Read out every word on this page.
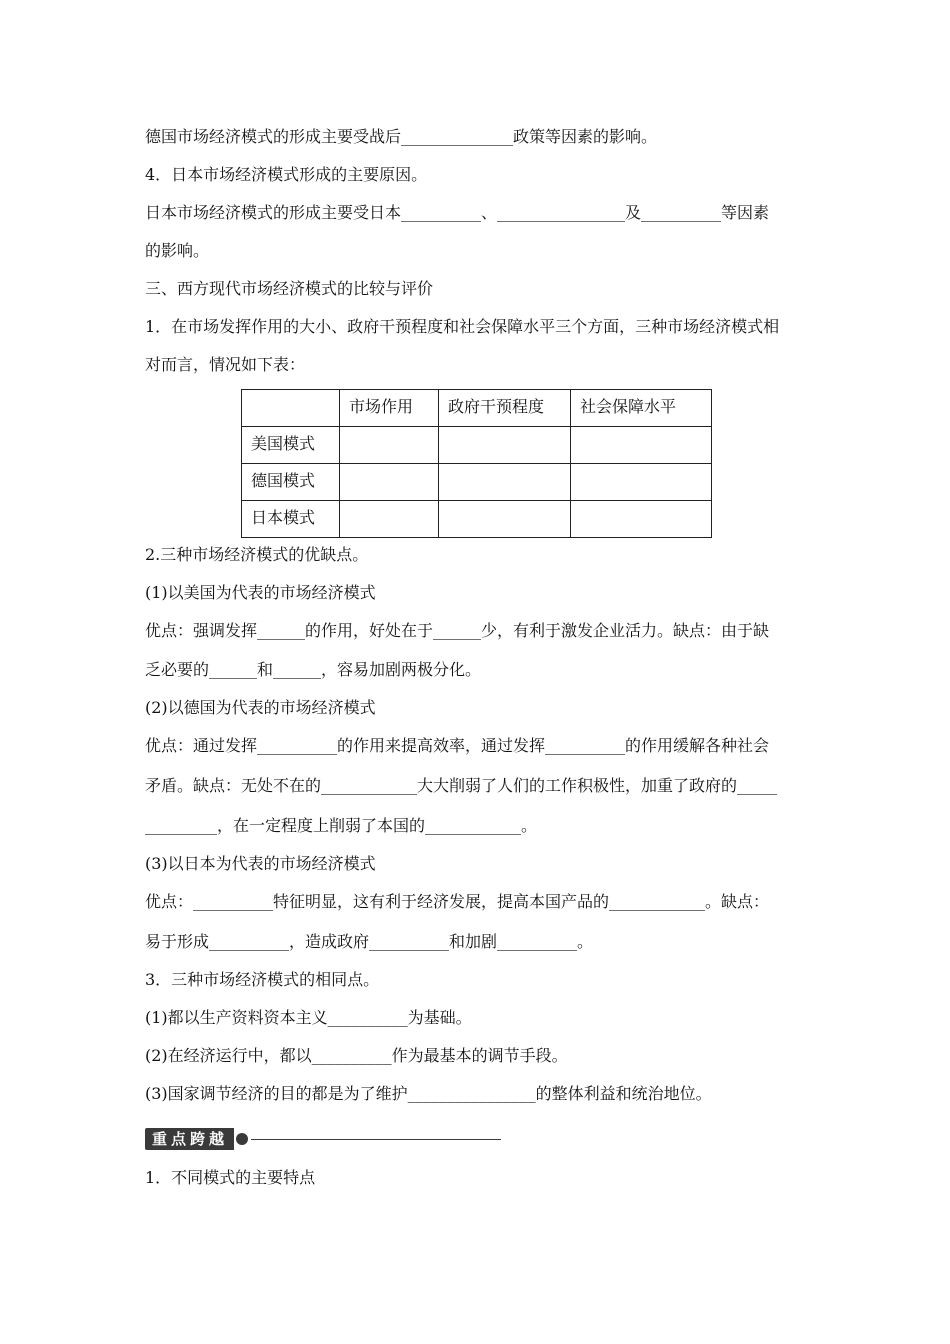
德国市场经济模式的形成主要受战后______________政策等因素的影响。
4．日本市场经济模式形成的主要原因。
日本市场经济模式的形成主要受日本__________、________________及__________等因素
的影响。
三、西方现代市场经济模式的比较与评价
1．在市场发挥作用的大小、政府干预程度和社会保障水平三个方面，三种市场经济模式相
对而言，情况如下表：
	市场作用	政府干预程度	社会保障水平
美国模式			
德国模式			
日本模式			
2.三种市场经济模式的优缺点。
(1)以美国为代表的市场经济模式
优点：强调发挥______的作用，好处在于______少，有利于激发企业活力。缺点：由于缺
乏必要的______和______，容易加剧两极分化。
(2)以德国为代表的市场经济模式
优点：通过发挥__________的作用来提高效率，通过发挥__________的作用缓解各种社会
矛盾。缺点：无处不在的____________大大削弱了人们的工作积极性，加重了政府的_____
_________，在一定程度上削弱了本国的____________。
(3)以日本为代表的市场经济模式
优点：__________特征明显，这有利于经济发展，提高本国产品的____________。缺点：
易于形成__________，造成政府__________和加剧__________。
3．三种市场经济模式的相同点。
(1)都以生产资料资本主义__________为基础。
(2)在经济运行中，都以__________作为最基本的调节手段。
(3)国家调节经济的目的都是为了维护________________的整体利益和统治地位。
重点跨越
1．不同模式的主要特点
